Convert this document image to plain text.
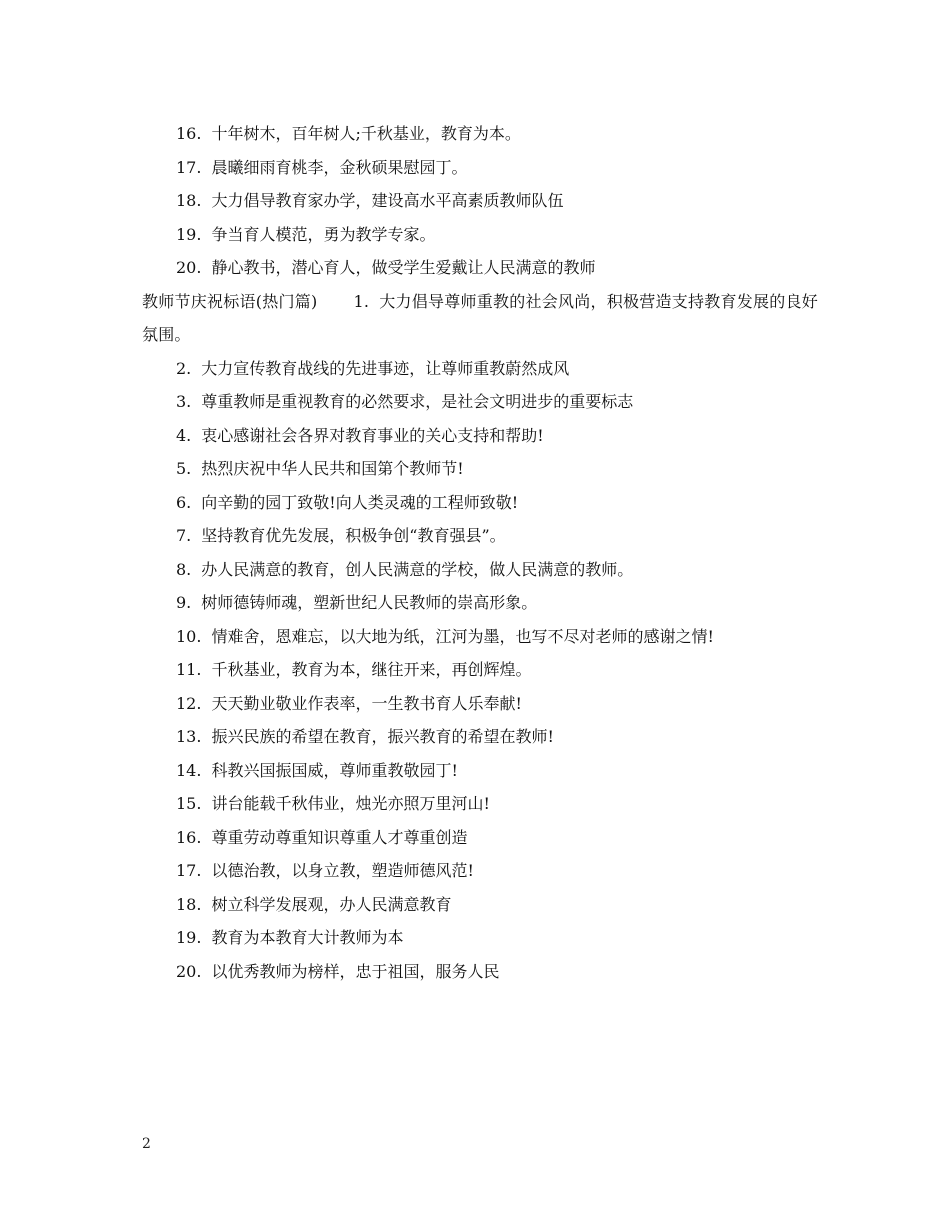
16. 十年树木，百年树人;千秋基业，教育为本。
17. 晨曦细雨育桃李，金秋硕果慰园丁。
18. 大力倡导教育家办学，建设高水平高素质教师队伍
19. 争当育人模范，勇为教学专家。
20. 静心教书，潜心育人，做受学生爱戴让人民满意的教师
教师节庆祝标语(热门篇) 1. 大力倡导尊师重教的社会风尚，积极营造支持教育发展的良好氛围。
2. 大力宣传教育战线的先进事迹，让尊师重教蔚然成风
3. 尊重教师是重视教育的必然要求，是社会文明进步的重要标志
4. 衷心感谢社会各界对教育事业的关心支持和帮助!
5. 热烈庆祝中华人民共和国第个教师节!
6. 向辛勤的园丁致敬!向人类灵魂的工程师致敬!
7. 坚持教育优先发展，积极争创“教育强县”。
8. 办人民满意的教育，创人民满意的学校，做人民满意的教师。
9. 树师德铸师魂，塑新世纪人民教师的崇高形象。
10. 情难舍，恩难忘，以大地为纸，江河为墨，也写不尽对老师的感谢之情!
11. 千秋基业，教育为本，继往开来，再创辉煌。
12. 天天勤业敬业作表率，一生教书育人乐奉献!
13. 振兴民族的希望在教育，振兴教育的希望在教师!
14. 科教兴国振国威，尊师重教敬园丁!
15. 讲台能载千秋伟业，烛光亦照万里河山!
16. 尊重劳动尊重知识尊重人才尊重创造
17. 以德治教，以身立教，塑造师德风范!
18. 树立科学发展观，办人民满意教育
19. 教育为本教育大计教师为本
20. 以优秀教师为榜样，忠于祖国，服务人民
2
